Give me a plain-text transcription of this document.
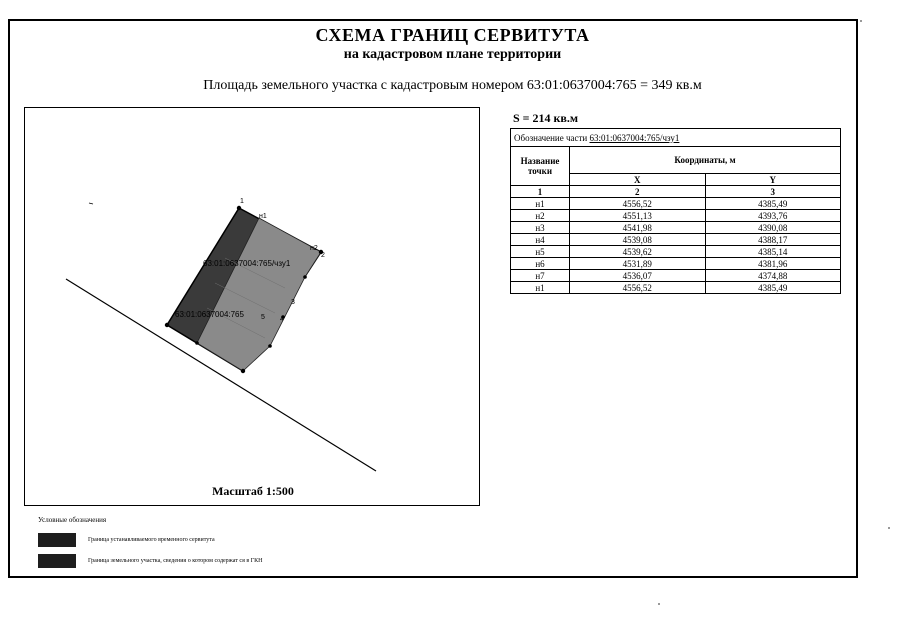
СХЕМА ГРАНИЦ СЕРВИТУТА
на кадастровом плане территории
Площадь земельного участка с кадастровым номером 63:01:0637004:765 = 349 кв.м
63:01:0637004:765/чзу1
63:01:0637004:765
1
н1
н2
2
3
4
5
Масштаб 1:500
S = 214 кв.м
Обозначение части 63:01:0637004:765/чзу1		
Название точки	Координаты, м	
	X	Y
1	2	3
н1	4556,52	4385,49
н2	4551,13	4393,76
н3	4541,98	4390,08
н4	4539,08	4388,17
н5	4539,62	4385,14
н6	4531,89	4381,96
н7	4536,07	4374,88
н1	4556,52	4385,49
Условные обозначения
Граница устанавливаемого временного сервитута
Граница земельного участка, сведения о котором содержат ся в ГКН
